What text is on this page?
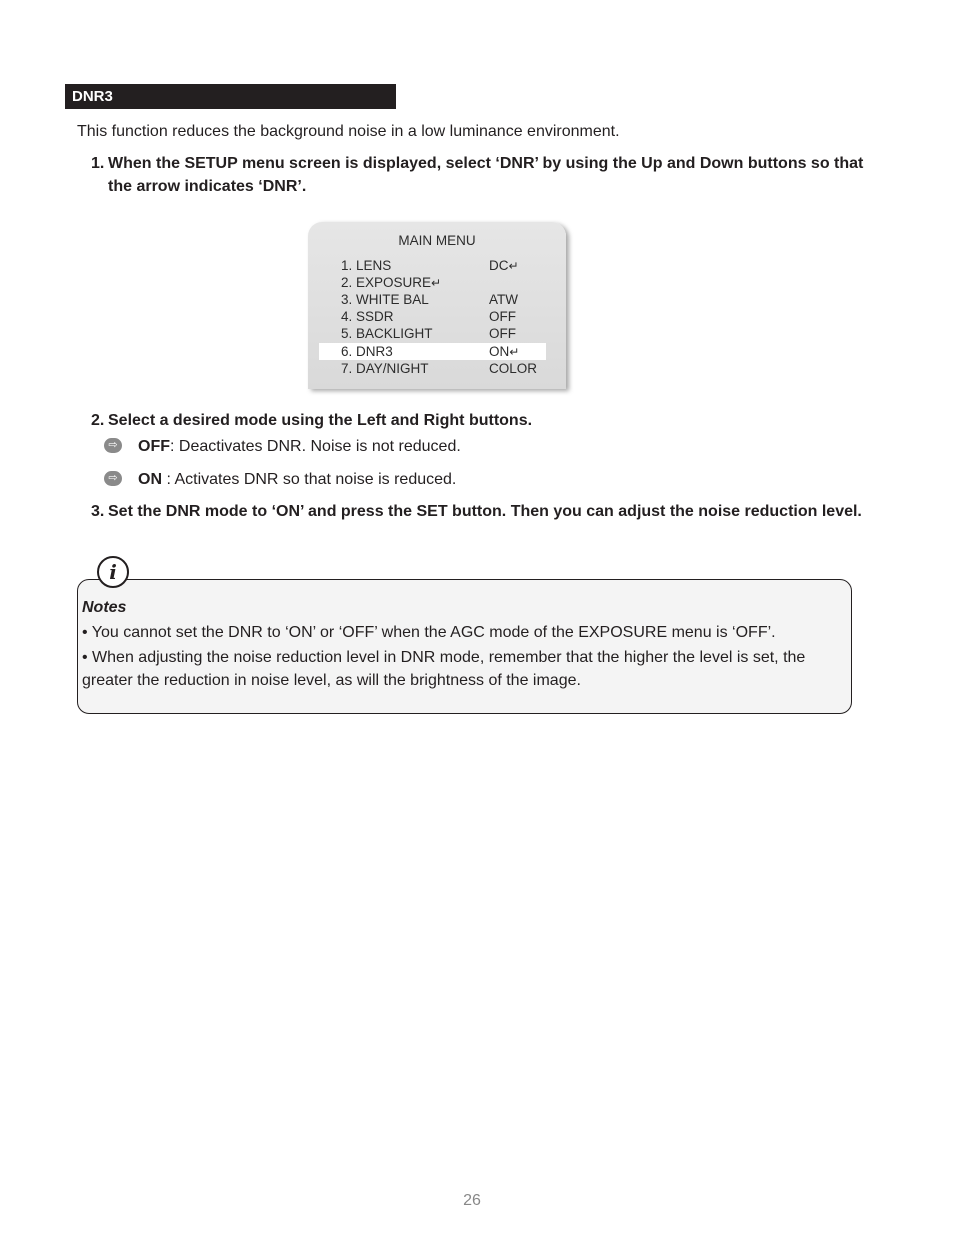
DNR3
This function reduces the background noise in a low luminance environment.
1. When the SETUP menu screen is displayed, select ‘DNR’ by using the Up and Down buttons so that the arrow indicates ‘DNR’.
MAIN MENU
1. LENS	DC↵
2. EXPOSURE↵
3. WHITE BAL	ATW
4. SSDR	OFF
5. BACKLIGHT	OFF
6. DNR3	ON↵
7. DAY/NIGHT	COLOR
2. Select a desired mode using the Left and Right buttons.
⇨ OFF: Deactivates DNR. Noise is not reduced.
⇨ ON : Activates DNR so that noise is reduced.
3. Set the DNR mode to ‘ON’ and press the SET button. Then you can adjust the noise reduction level.
i
Notes
• You cannot set the DNR to ‘ON’ or ‘OFF’ when the AGC mode of the EXPOSURE menu is ‘OFF’.
• When adjusting the noise reduction level in DNR mode, remember that the higher the level is set, the greater the reduction in noise level, as will the brightness of the image.
26
